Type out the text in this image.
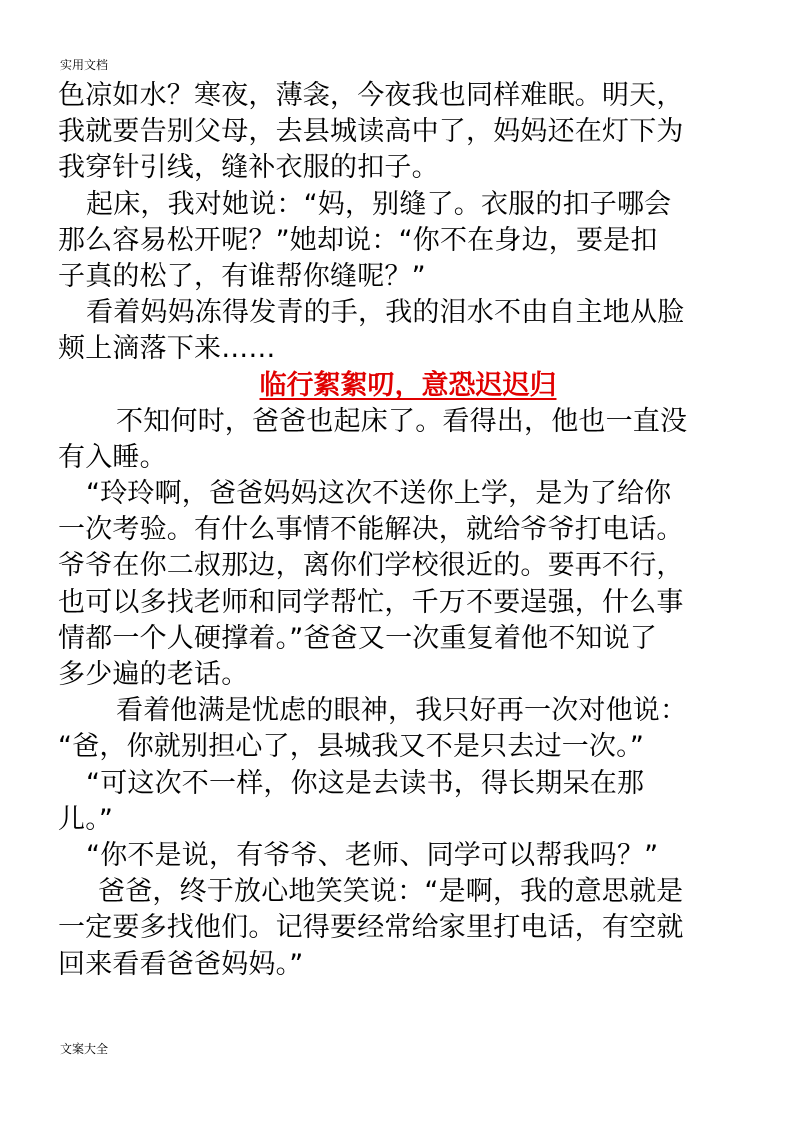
实用文档
色凉如水？寒夜，薄衾，今夜我也同样难眠。明天，
我就要告别父母，去县城读高中了，妈妈还在灯下为
我穿针引线，缝补衣服的扣子。
起床，我对她说：“妈，别缝了。衣服的扣子哪会
那么容易松开呢？”她却说：“你不在身边，要是扣
子真的松了，有谁帮你缝呢？”
看着妈妈冻得发青的手，我的泪水不由自主地从脸
颊上滴落下来……
临行絮絮叨，意恐迟迟归
不知何时，爸爸也起床了。看得出，他也一直没
有入睡。
“玲玲啊，爸爸妈妈这次不送你上学，是为了给你
一次考验。有什么事情不能解决，就给爷爷打电话。
爷爷在你二叔那边，离你们学校很近的。要再不行，
也可以多找老师和同学帮忙，千万不要逞强，什么事
情都一个人硬撑着。”爸爸又一次重复着他不知说了
多少遍的老话。
看着他满是忧虑的眼神，我只好再一次对他说：
“爸，你就别担心了，县城我又不是只去过一次。”
“可这次不一样，你这是去读书，得长期呆在那
儿。”
“你不是说，有爷爷、老师、同学可以帮我吗？”
爸爸，终于放心地笑笑说：“是啊，我的意思就是
一定要多找他们。记得要经常给家里打电话，有空就
回来看看爸爸妈妈。”
文案大全
